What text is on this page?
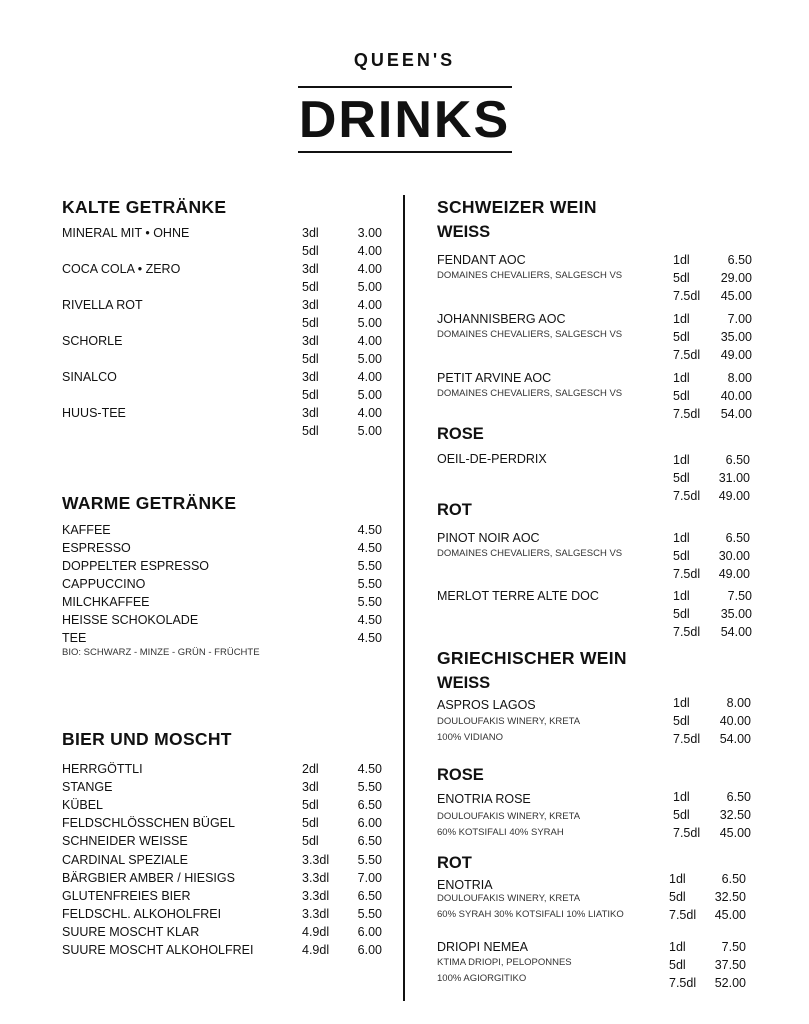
QUEEN'S
DRINKS
KALTE GETRÄNKE
MINERAL MIT • OHNE	3dl	3.00
5dl	4.00
COCA COLA • ZERO	3dl	4.00
5dl	5.00
RIVELLA ROT	3dl	4.00
5dl	5.00
SCHORLE	3dl	4.00
5dl	5.00
SINALCO	3dl	4.00
5dl	5.00
HUUS-TEE	3dl	4.00
5dl	5.00
WARME GETRÄNKE
KAFFEE	4.50
ESPRESSO	4.50
DOPPELTER ESPRESSO	5.50
CAPPUCCINO	5.50
MILCHKAFFEE	5.50
HEISSE SCHOKOLADE	4.50
TEE	4.50
BIO: SCHWARZ - MINZE - GRÜN - FRÜCHTE
BIER UND MOSCHT
HERRGÖTTLI	2dl	4.50
STANGE	3dl	5.50
KÜBEL	5dl	6.50
FELDSCHLÖSSCHEN BÜGEL	5dl	6.00
SCHNEIDER WEISSE	5dl	6.50
CARDINAL SPEZIALE	3.3dl	5.50
BÄRGBIER AMBER / HIESIGS	3.3dl	7.00
GLUTENFREIES BIER	3.3dl	6.50
FELDSCHL. ALKOHOLFREI	3.3dl	5.50
SUURE MOSCHT KLAR	4.9dl	6.00
SUURE MOSCHT ALKOHOLFREI	4.9dl	6.00
SCHWEIZER WEIN
WEISS
FENDANT AOC
DOMAINES CHEVALIERS, SALGESCH VS
1dl	6.50
5dl	29.00
7.5dl	45.00
JOHANNISBERG AOC
DOMAINES CHEVALIERS, SALGESCH VS
1dl	7.00
5dl	35.00
7.5dl	49.00
PETIT ARVINE AOC
DOMAINES CHEVALIERS, SALGESCH VS
1dl	8.00
5dl	40.00
7.5dl	54.00
ROSE
OEIL-DE-PERDRIX	1dl	6.50
5dl	31.00
7.5dl	49.00
ROT
PINOT NOIR AOC
DOMAINES CHEVALIERS, SALGESCH VS
1dl	6.50
5dl	30.00
7.5dl	49.00
MERLOT TERRE ALTE DOC	1dl	7.50
5dl	35.00
7.5dl	54.00
GRIECHISCHER WEIN
WEISS
ASPROS LAGOS
DOULOUFAKIS WINERY, KRETA
100% VIDIANO
1dl	8.00
5dl	40.00
7.5dl	54.00
ROSE
ENOTRIA ROSE
DOULOUFAKIS WINERY, KRETA
60% KOTSIFALI 40% SYRAH
1dl	6.50
5dl	32.50
7.5dl	45.00
ROT
ENOTRIA
DOULOUFAKIS WINERY, KRETA
60% SYRAH 30% KOTSIFALI 10% LIATIKO
1dl	6.50
5dl	32.50
7.5dl	45.00
DRIOPI NEMEA
KTIMA DRIOPI, PELOPONNES
100% AGIORGITIKO
1dl	7.50
5dl	37.50
7.5dl	52.00
